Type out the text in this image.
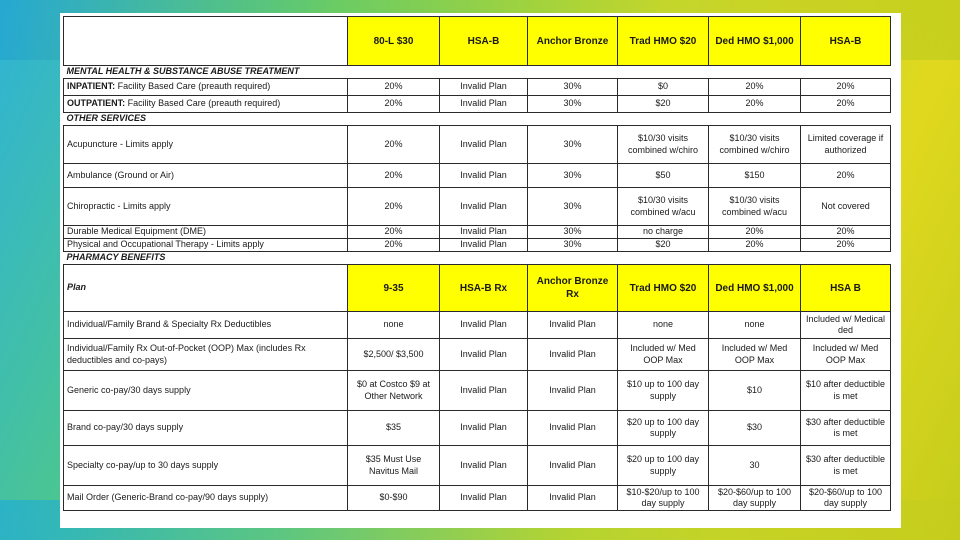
	80-L $30	HSA-B	Anchor Bronze	Trad HMO $20	Ded HMO $1,000	HSA-B
MENTAL HEALTH & SUBSTANCE ABUSE TREATMENT						
INPATIENT: Facility Based Care (preauth required)	20%	Invalid Plan	30%	$0	20%	20%
OUTPATIENT: Facility Based Care (preauth required)	20%	Invalid Plan	30%	$20	20%	20%
OTHER SERVICES						
Acupuncture - Limits apply	20%	Invalid Plan	30%	$10/30 visits combined w/chiro	$10/30 visits combined w/chiro	Limited coverage if authorized
Ambulance (Ground or Air)	20%	Invalid Plan	30%	$50	$150	20%
Chiropractic - Limits apply	20%	Invalid Plan	30%	$10/30 visits combined w/acu	$10/30 visits combined w/acu	Not covered
Durable Medical Equipment (DME)	20%	Invalid Plan	30%	no charge	20%	20%
Physical and Occupational Therapy - Limits apply	20%	Invalid Plan	30%	$20	20%	20%
PHARMACY BENEFITS						
Plan	9-35	HSA-B Rx	Anchor Bronze Rx	Trad HMO $20	Ded HMO $1,000	HSA B
Individual/Family Brand & Specialty Rx Deductibles	none	Invalid Plan	Invalid Plan	none	none	Included w/ Medical ded
Individual/Family Rx Out-of-Pocket (OOP) Max (includes Rx deductibles and co-pays)	$2,500/ $3,500	Invalid Plan	Invalid Plan	Included w/ Med OOP Max	Included w/ Med OOP Max	Included w/ Med OOP Max
Generic co-pay/30 days supply	$0 at Costco $9 at Other Network	Invalid Plan	Invalid Plan	$10 up to 100 day supply	$10	$10 after deductible is met
Brand co-pay/30 days supply	$35	Invalid Plan	Invalid Plan	$20 up to 100 day supply	$30	$30 after deductible is met
Specialty co-pay/up to 30 days supply	$35 Must Use Navitus Mail	Invalid Plan	Invalid Plan	$20 up to 100 day supply	30	$30 after deductible is met
Mail Order (Generic-Brand co-pay/90 days supply)	$0-$90	Invalid Plan	Invalid Plan	$10-$20/up to 100 day supply	$20-$60/up to 100 day supply	$20-$60/up to 100 day supply
